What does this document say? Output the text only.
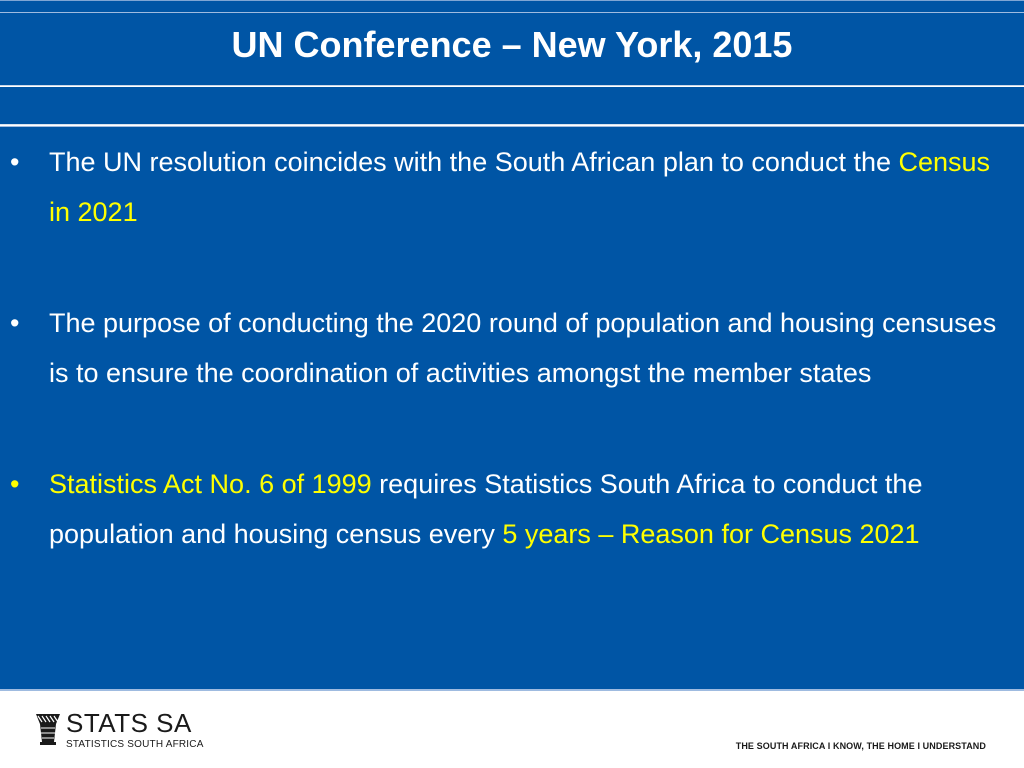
UN Conference – New York, 2015
•	The UN resolution coincides with the South African plan to conduct the Census in 2021
•	The purpose of conducting the 2020 round of population and housing censuses is to ensure the coordination of activities amongst the member states
•	Statistics Act No. 6 of 1999 requires Statistics South Africa to conduct the population and housing census every 5 years – Reason for Census 2021
STATS SA
STATISTICS SOUTH AFRICA	THE SOUTH AFRICA I KNOW, THE HOME I UNDERSTAND
